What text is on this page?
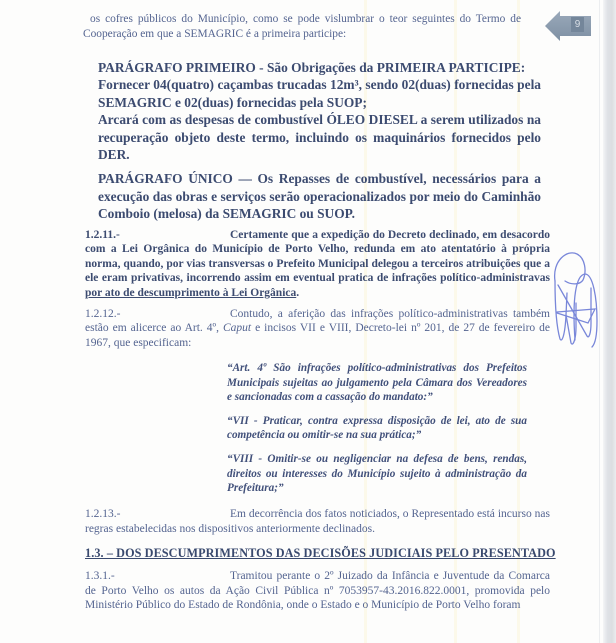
9

os cofres públicos do Município, como se pode vislumbrar o teor seguintes do Termo de Cooperação em que a SEMAGRIC é a primeira participe:

PARÁGRAFO PRIMEIRO - São Obrigações da PRIMEIRA PARTICIPE:

Fornecer 04(quatro) caçambas trucadas 12m³, sendo 02(duas) fornecidas pela SEMAGRIC e 02(duas) fornecidas pela SUOP;

Arcará com as despesas de combustível ÓLEO DIESEL a serem utilizados na recuperação objeto deste termo, incluindo os maquinários fornecidos pelo DER.

PARÁGRAFO ÚNICO — Os Repasses de combustível, necessários para a execução das obras e serviços serão operacionalizados por meio do Caminhão Comboio (melosa) da SEMAGRIC ou SUOP.

1.2.11.-	Certamente que a expedição do Decreto declinado, em desacordo com a Lei Orgânica do Município de Porto Velho, redunda em ato atentatório à própria norma, quando, por vias transversas o Prefeito Municipal delegou a terceiros atribuições que a ele eram privativas, incorrendo assim em eventual pratica de infrações político-administravas por ato de descumprimento à Lei Orgânica.

1.2.12.-	Contudo, a aferição das infrações político-administrativas também estão em alicerce ao Art. 4º, Caput e incisos VII e VIII, Decreto-lei nº 201, de 27 de fevereiro de 1967, que especificam:

“Art. 4º São infrações político-administrativas dos Prefeitos Municipais sujeitas ao julgamento pela Câmara dos Vereadores e sancionadas com a cassação do mandato:”

“VII - Praticar, contra expressa disposição de lei, ato de sua competência ou omitir-se na sua prática;”

“VIII - Omitir-se ou negligenciar na defesa de bens, rendas, direitos ou interesses do Município sujeito à administração da Prefeitura;”

1.2.13.-	Em decorrência dos fatos noticiados, o Representado está incurso nas regras estabelecidas nos dispositivos anteriormente declinados.

1.3. – DOS DESCUMPRIMENTOS DAS DECISÕES JUDICIAIS PELO PRESENTADO

1.3.1.-	Tramitou perante o 2º Juizado da Infância e Juventude da Comarca de Porto Velho os autos da Ação Civil Pública nº 7053957-43.2016.822.0001, promovida pelo Ministério Público do Estado de Rondônia, onde o Estado e o Município de Porto Velho foram
